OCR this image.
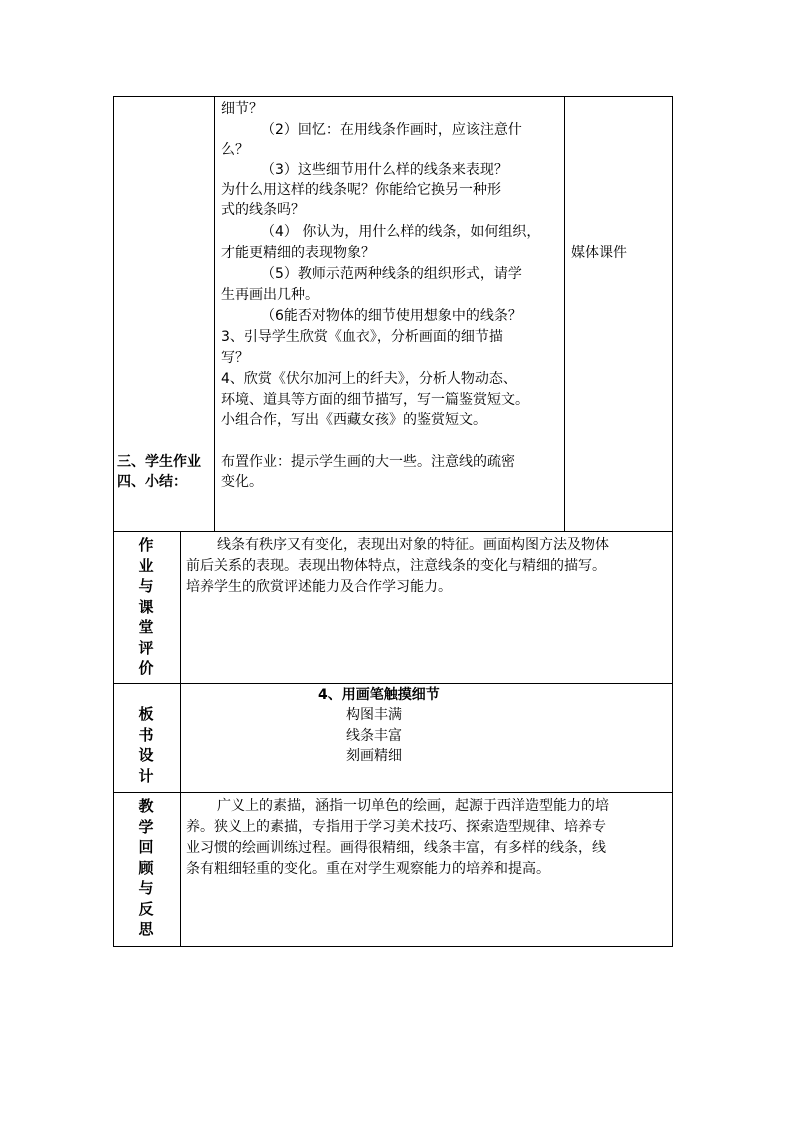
三、学生作业
四、小结：
细节？
（2）回忆：在用线条作画时，应该注意什
么？
（3）这些细节用什么样的线条来表现？
为什么用这样的线条呢？你能给它换另一种形
式的线条吗？
（4） 你认为，用什么样的线条，如何组织，
才能更精细的表现物象？
（5）教师示范两种线条的组织形式，请学
生再画出几种。
（6能否对物体的细节使用想象中的线条？
3、引导学生欣赏《血衣》，分析画面的细节描
写？
4、欣赏《伏尔加河上的纤夫》，分析人物动态、
环境、道具等方面的细节描写，写一篇鉴赏短文。
小组合作，写出《西藏女孩》的鉴赏短文。
布置作业：提示学生画的大一些。注意线的疏密
变化。
媒体课件
作
业
与
课
堂
评
价
线条有秩序又有变化，表现出对象的特征。画面构图方法及物体
前后关系的表现。表现出物体特点，注意线条的变化与精细的描写。
培养学生的欣赏评述能力及合作学习能力。
板
书
设
计
4、用画笔触摸细节
构图丰满
线条丰富
刻画精细
教
学
回
顾
与
反
思
广义上的素描，涵指一切单色的绘画，起源于西洋造型能力的培
养。狭义上的素描，专指用于学习美术技巧、探索造型规律、培养专
业习惯的绘画训练过程。画得很精细，线条丰富，有多样的线条，线
条有粗细轻重的变化。重在对学生观察能力的培养和提高。
